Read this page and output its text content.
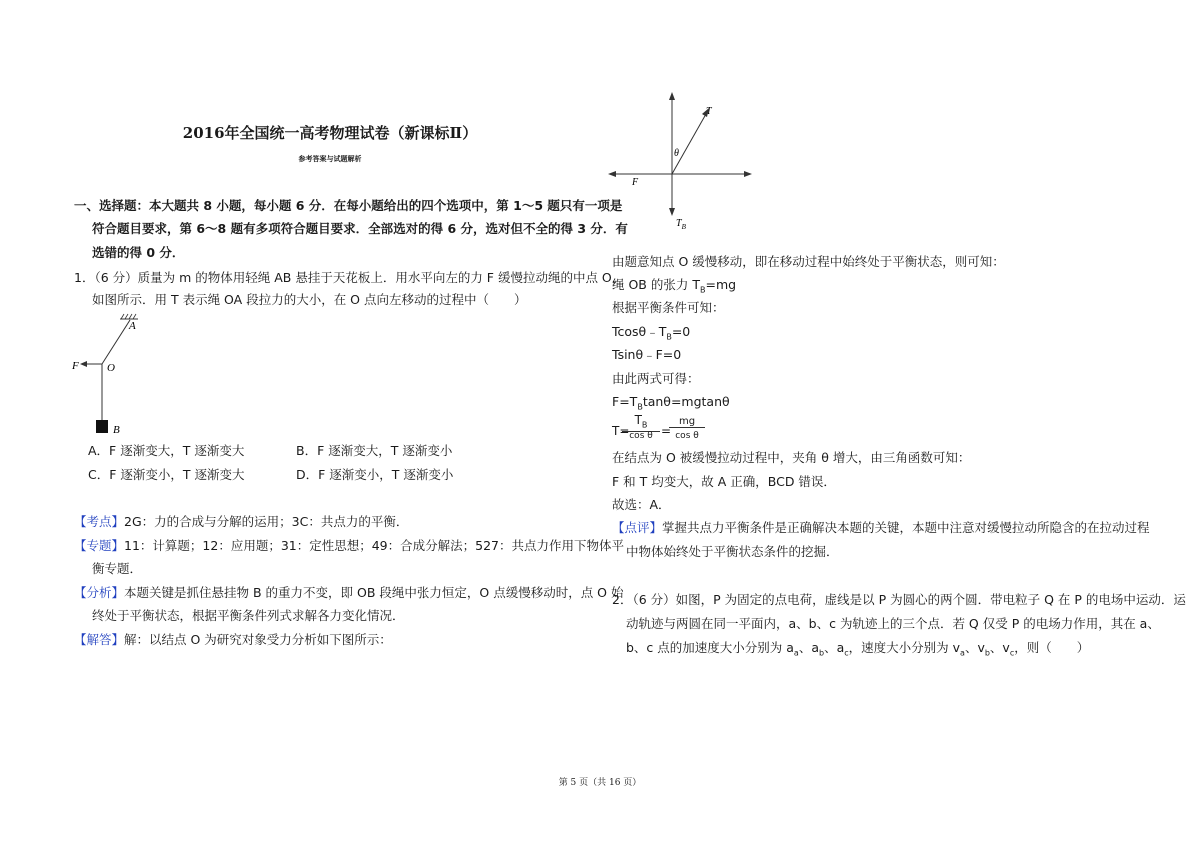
2016年全国统一高考物理试卷（新课标Ⅱ）
参考答案与试题解析
一、选择题：本大题共 8 小题，每小题 6 分．在每小题给出的四个选项中，第 1～5 题只有一项是
符合题目要求，第 6～8 题有多项符合题目要求．全部选对的得 6 分，选对但不全的得 3 分．有
选错的得 0 分．
1．（6 分）质量为 m 的物体用轻绳 AB 悬挂于天花板上．用水平向左的力 F 缓慢拉动绳的中点 O，
如图所示．用 T 表示绳 OA 段拉力的大小，在 O 点向左移动的过程中（　　）
A
O
F
B
A．F 逐渐变大，T 逐渐变大	B．F 逐渐变大，T 逐渐变小
C．F 逐渐变小，T 逐渐变大	D．F 逐渐变小，T 逐渐变小
【考点】2G：力的合成与分解的运用；3C：共点力的平衡．
【专题】11：计算题；12：应用题；31：定性思想；49：合成分解法；527：共点力作用下物体平
衡专题．
【分析】本题关键是抓住悬挂物 B 的重力不变，即 OB 段绳中张力恒定，O 点缓慢移动时，点 O 始
终处于平衡状态，根据平衡条件列式求解各力变化情况．
【解答】解：以结点 O 为研究对象受力分析如下图所示：
T
θ
F
$T_B$
由题意知点 O 缓慢移动，即在移动过程中始终处于平衡状态，则可知：
绳 OB 的张力 $T_B=mg$
根据平衡条件可知：
$Tcos\theta﹣T_B=0$
Tsinθ﹣F=0
由此两式可得：
$F=T_B\tan\theta=mgtan\theta$
T=
$T_B$
cos θ =
mg
cos θ
在结点为 O 被缓慢拉动过程中，夹角 θ 增大，由三角函数可知：
F 和 T 均变大，故 A 正确，BCD 错误．
故选：A．
【点评】掌握共点力平衡条件是正确解决本题的关键，本题中注意对缓慢拉动所隐含的在拉动过程
中物体始终处于平衡状态条件的挖掘．
2．（6 分）如图，P 为固定的点电荷，虚线是以 P 为圆心的两个圆．带电粒子 Q 在 P 的电场中运动．运
动轨迹与两圆在同一平面内，a、b、c 为轨迹上的三个点．若 Q 仅受 P 的电场力作用，其在 a、
b、c 点的加速度大小分别为 $a_a$、$a_b$、$a_c$，速度大小分别为 $v_a$、$v_b$、$v_c$，则（　　）
第 5 页（共 16 页）
